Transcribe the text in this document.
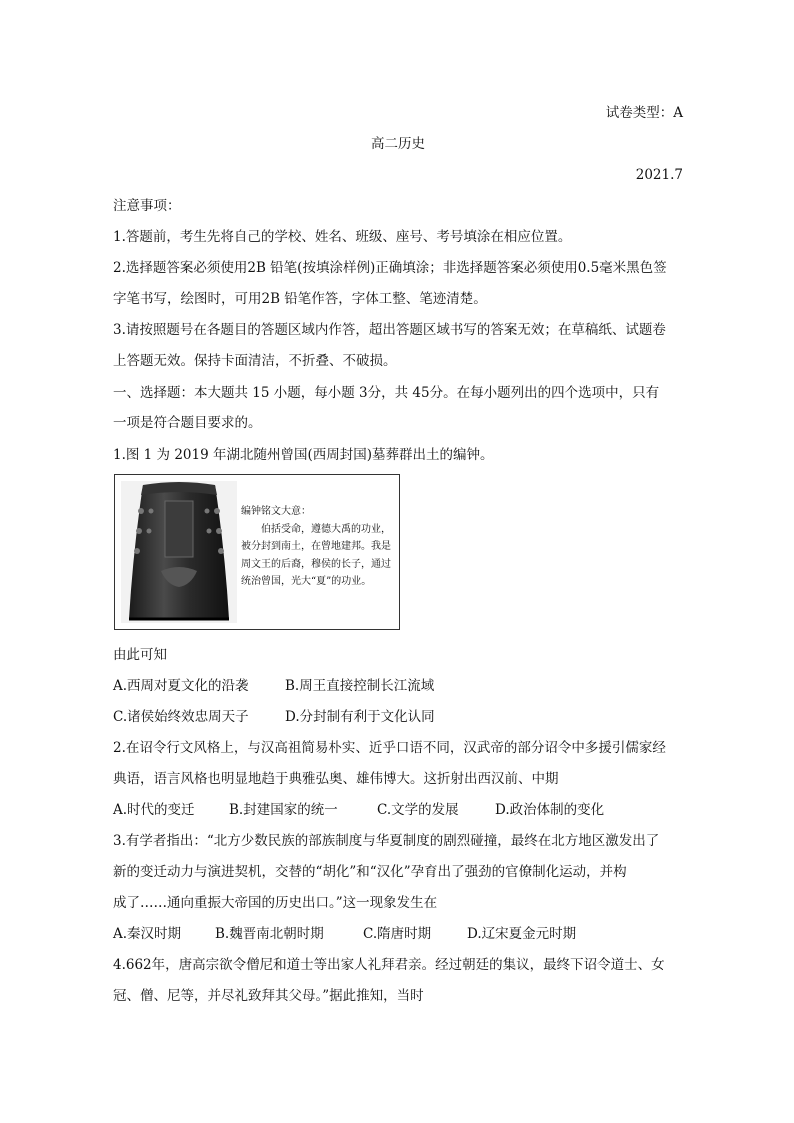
试卷类型：A
高二历史
2021.7
注意事项：
1.答题前，考生先将自己的学校、姓名、班级、座号、考号填涂在相应位置。
2.选择题答案必须使用2B 铅笔(按填涂样例)正确填涂；非选择题答案必须使用0.5毫米黑色签
字笔书写，绘图时，可用2B 铅笔作答，字体工整、笔迹清楚。
3.请按照题号在各题目的答题区域内作答，超出答题区域书写的答案无效；在草稿纸、试题卷
上答题无效。保持卡面清洁，不折叠、不破损。
一、选择题：本大题共 15 小题，每小题 3分，共 45分。在每小题列出的四个选项中，只有
一项是符合题目要求的。
1.图 1 为 2019 年湖北随州曾国(西周封国)墓葬群出土的编钟。
编钟铭文大意：
伯括受命，遵德大禹的功业，被分封到南土，在曾地建邦。我是周文王的后裔，穆侯的长子，通过统治曾国，光大“夏”的功业。
由此可知
A.西周对夏文化的沿袭	B.周王直接控制长江流域
C.诸侯始终效忠周天子	D.分封制有利于文化认同
2.在诏令行文风格上，与汉高祖简易朴实、近乎口语不同，汉武帝的部分诏令中多援引儒家经
典语，语言风格也明显地趋于典雅弘奥、雄伟博大。这折射出西汉前、中期
A.时代的变迁	B.封建国家的统一	C.文学的发展	D.政治体制的变化
3.有学者指出：“北方少数民族的部族制度与华夏制度的剧烈碰撞，最终在北方地区激发出了
新的变迁动力与演进契机，交替的“胡化”和“汉化”孕育出了强劲的官僚制化运动，并构
成了……通向重振大帝国的历史出口。”这一现象发生在
A.秦汉时期	B.魏晋南北朝时期	C.隋唐时期	D.辽宋夏金元时期
4.662年，唐高宗欲令僧尼和道士等出家人礼拜君亲。经过朝廷的集议，最终下诏令道士、女
冠、僧、尼等，并尽礼致拜其父母。”据此推知，当时
